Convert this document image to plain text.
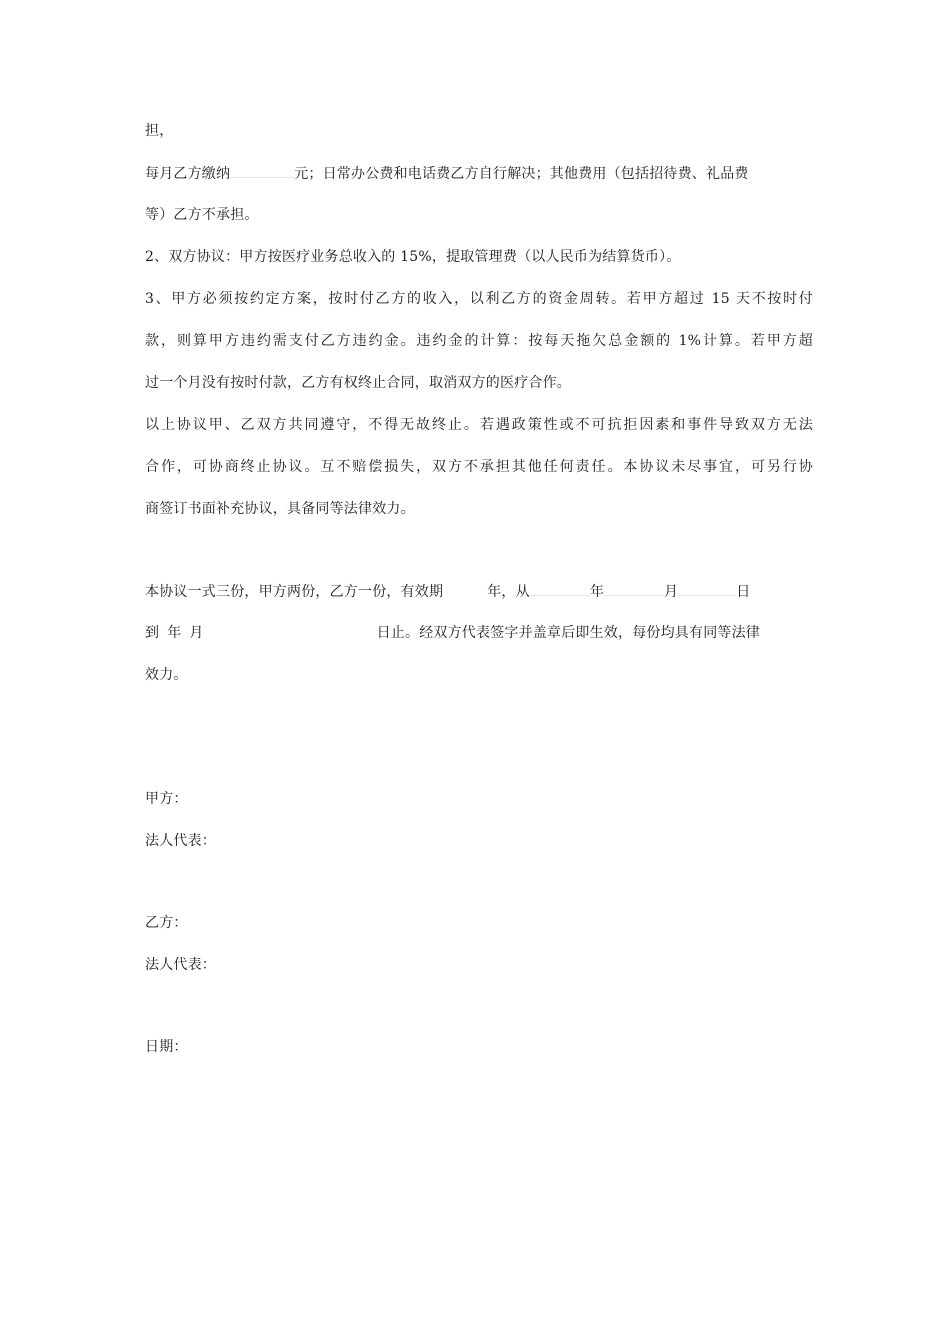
担，
每月乙方缴纳	元；日常办公费和电话费乙方自行解决；其他费用（包括招待费、礼品费
等）乙方不承担。
2、双方协议：甲方按医疗业务总收入的 15%，提取管理费（以人民币为结算货币）。
3、甲方必须按约定方案，按时付乙方的收入，以利乙方的资金周转。若甲方超过 15 天不按时付
款，则算甲方违约需支付乙方违约金。违约金的计算：按每天拖欠总金额的 1%计算。若甲方超
过一个月没有按时付款，乙方有权终止合同，取消双方的医疗合作。
以上协议甲、乙双方共同遵守，不得无故终止。若遇政策性或不可抗拒因素和事件导致双方无法
合作，可协商终止协议。互不赔偿损失，双方不承担其他任何责任。本协议未尽事宜，可另行协
商签订书面补充协议，具备同等法律效力。
本协议一式三份，甲方两份，乙方一份，有效期	年，从	年	月	日
到 年 月	日止。经双方代表签字并盖章后即生效，每份均具有同等法律
效力。
甲方：
法人代表：
乙方：
法人代表：
日期：
